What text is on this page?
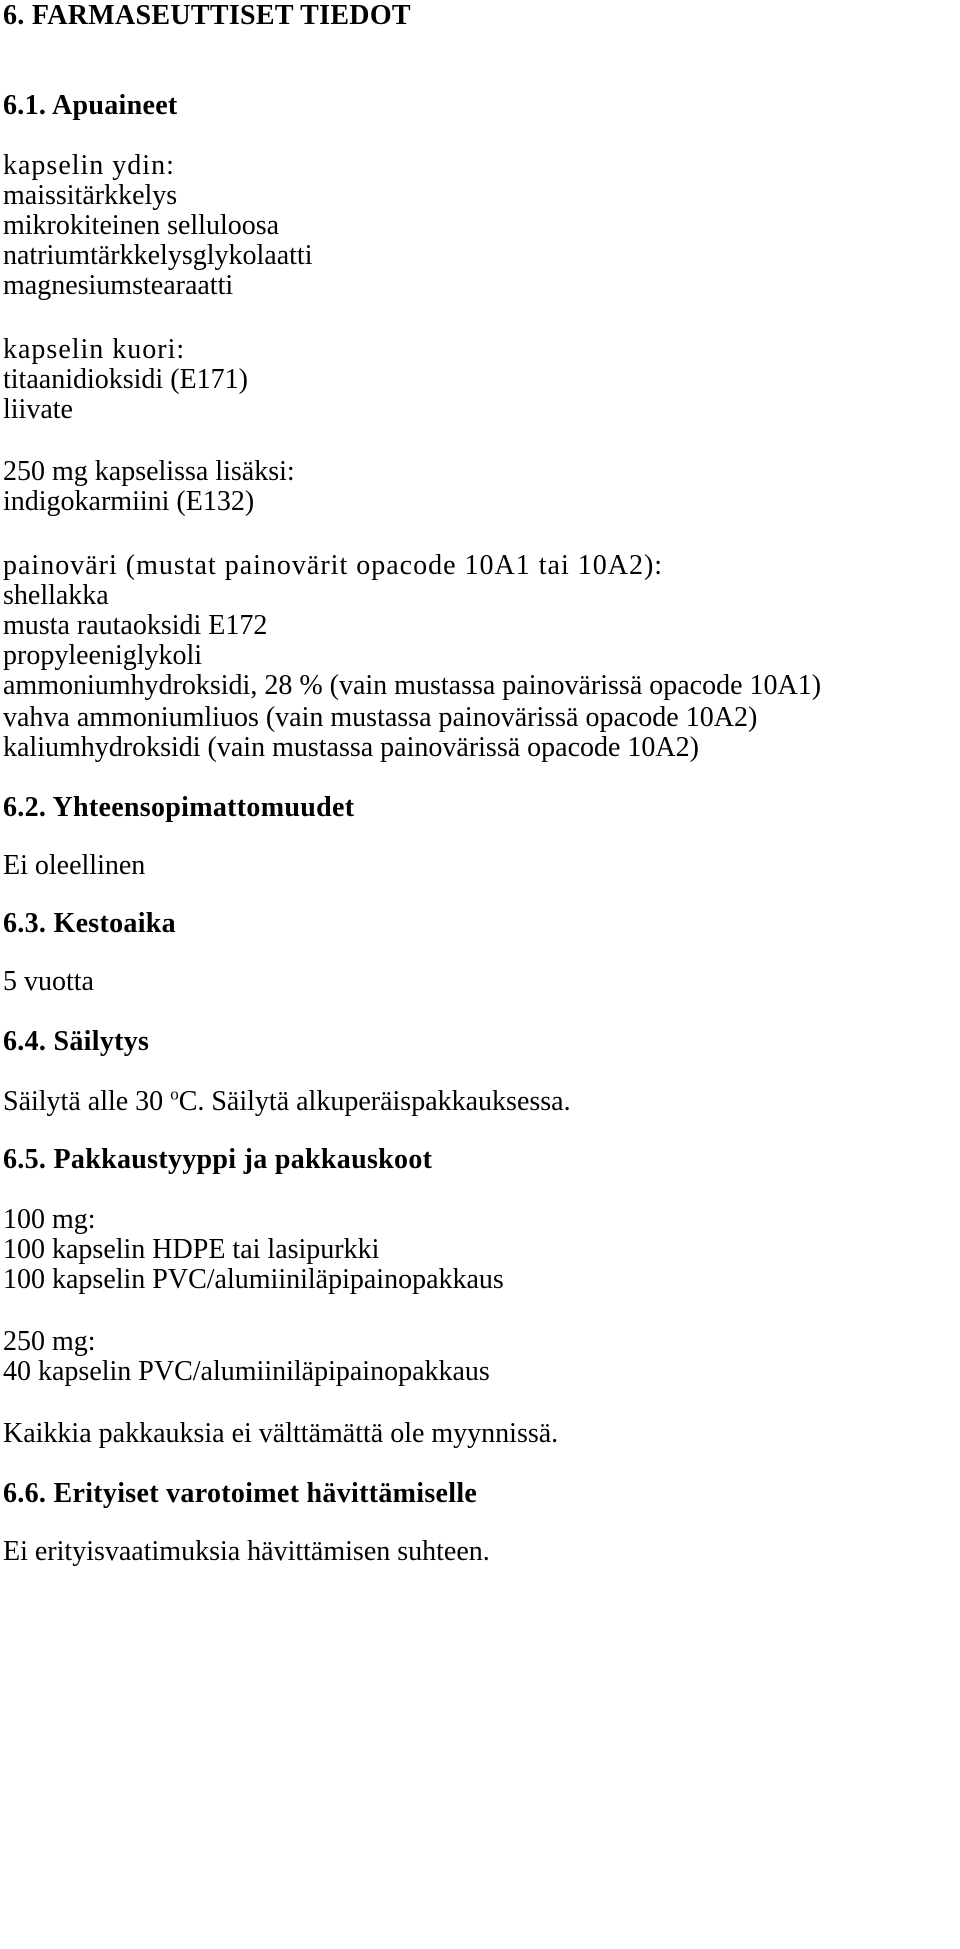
6. FARMASEUTTISET TIEDOT
6.1. Apuaineet
kapselin ydin:
maissitärkkelys
mikrokiteinen selluloosa
natriumtärkkelysglykolaatti
magnesiumstearaatti
kapselin kuori:
titaanidioksidi (E171)
liivate
250 mg kapselissa lisäksi:
indigokarmiini (E132)
painoväri (mustat painovärit opacode 10A1 tai 10A2):
shellakka
musta rautaoksidi E172
propyleeniglykoli
ammoniumhydroksidi, 28 % (vain mustassa painovärissä opacode 10A1)
vahva ammoniumliuos (vain mustassa painovärissä opacode 10A2)
kaliumhydroksidi (vain mustassa painovärissä opacode 10A2)
6.2. Yhteensopimattomuudet
Ei oleellinen
6.3. Kestoaika
5 vuotta
6.4. Säilytys
Säilytä alle 30 $^o$C. Säilytä alkuperäispakkauksessa.
6.5. Pakkaustyyppi ja pakkauskoot
100 mg:
100 kapselin HDPE tai lasipurkki
100 kapselin PVC/alumiiniläpipainopakkaus
250 mg:
40 kapselin PVC/alumiiniläpipainopakkaus
Kaikkia pakkauksia ei välttämättä ole myynnissä.
6.6. Erityiset varotoimet hävittämiselle
Ei erityisvaatimuksia hävittämisen suhteen.
